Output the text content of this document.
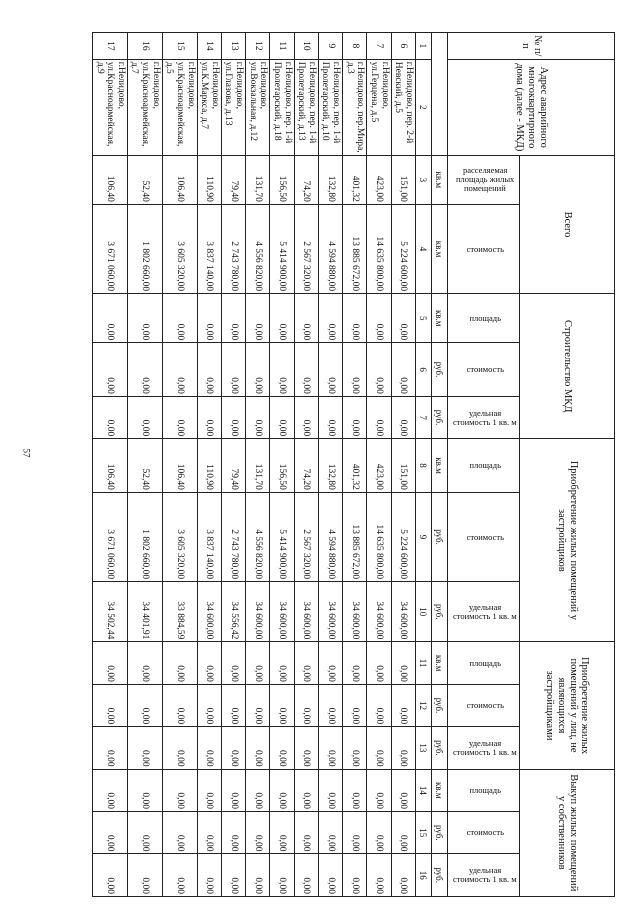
57
№ п/п	Адрес аварийного многоквартирного дома (далее - МКД)	Всего		Строительство МКД			Приобретение жилых помещений у застройщиков			Приобретение жилых помещений у лиц, не являющихся застройщиками			Выкуп жилых помещений у собственников		
		расселяемая площадь жилых помещений	стоимость	площадь	стоимость	удельная стоимость 1 кв. м	площадь	стоимость	удельная стоимость 1 кв. м	площадь	стоимость	удельная стоимость 1 кв. м	площадь	стоимость	удельная стоимость 1 кв. м
		кв.м	кв.м	кв.м	руб.	руб.	кв.м	руб.	руб.	кв.м	руб.	руб.	кв.м	руб.	руб.
1	2	3	4	5	6	7	8	9	10	11	12	13	14	15	16
6	г.Нелидово, пер. 2-й Невский, д.5	151,00	5 224 600,00	0,00	0,00	0,00	151,00	5 224 600,00	34 600,00	0,00	0,00	0,00	0,00	0,00	0,00
7	г.Нелидово, ул.Герцена, д.5	423,00	14 635 800,00	0,00	0,00	0,00	423,00	14 635 800,00	34 600,00	0,00	0,00	0,00	0,00	0,00	0,00
8	г.Нелидово, пер.Мира, д.3	401,32	13 885 672,00	0,00	0,00	0,00	401,32	13 885 672,00	34 600,00	0,00	0,00	0,00	0,00	0,00	0,00
9	г.Нелидово, пер. 1-й Пролетарский, д.10	132,80	4 594 880,00	0,00	0,00	0,00	132,80	4 594 880,00	34 600,00	0,00	0,00	0,00	0,00	0,00	0,00
10	г.Нелидово, пер. 1-й Пролетарский, д.13	74,20	2 567 320,00	0,00	0,00	0,00	74,20	2 567 320,00	34 600,00	0,00	0,00	0,00	0,00	0,00	0,00
11	г.Нелидово, пер. 1-й Пролетарский, д.18	156,50	5 414 900,00	0,00	0,00	0,00	156,50	5 414 900,00	34 600,00	0,00	0,00	0,00	0,00	0,00	0,00
12	г.Нелидово, ул.Вокзальная, д.12	131,70	4 556 820,00	0,00	0,00	0,00	131,70	4 556 820,00	34 600,00	0,00	0,00	0,00	0,00	0,00	0,00
13	г.Нелидово, ул.Глазова, д.13	79,40	2 743 780,00	0,00	0,00	0,00	79,40	2 743 780,00	34 556,42	0,00	0,00	0,00	0,00	0,00	0,00
14	г.Нелидово, ул.К.Маркса, д.7	110,90	3 837 140,00	0,00	0,00	0,00	110,90	3 837 140,00	34 600,00	0,00	0,00	0,00	0,00	0,00	0,00
15	г.Нелидово, ул.Красноармейская, д.5	106,40	3 605 320,00	0,00	0,00	0,00	106,40	3 605 320,00	33 884,59	0,00	0,00	0,00	0,00	0,00	0,00
16	г.Нелидово, ул.Красноармейская, д.7	52,40	1 802 660,00	0,00	0,00	0,00	52,40	1 802 660,00	34 401,91	0,00	0,00	0,00	0,00	0,00	0,00
17	г.Нелидово, ул.Красноармейская, д.9	106,40	3 671 060,00	0,00	0,00	0,00	106,40	3 671 060,00	34 502,44	0,00	0,00	0,00	0,00	0,00	0,00
